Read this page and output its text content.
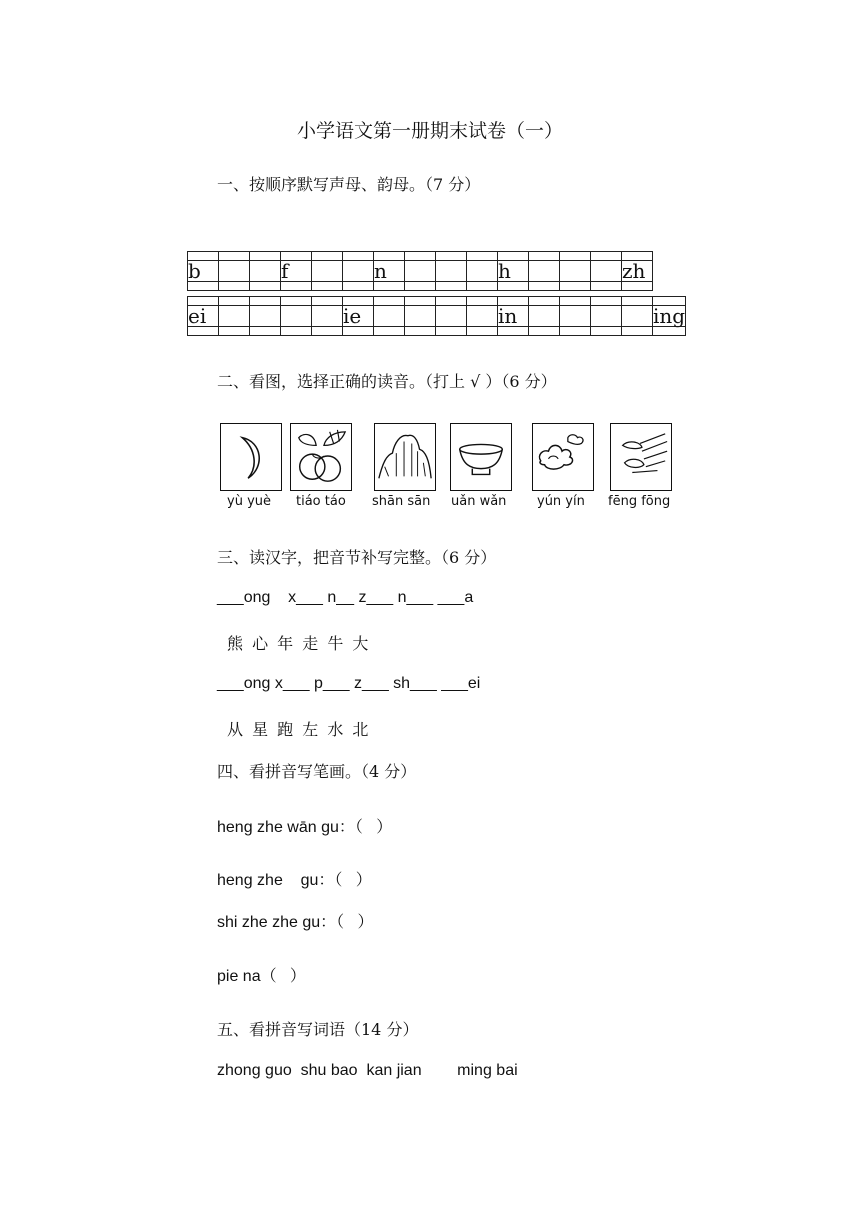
小学语文第一册期末试卷（一）
一、按顺序默写声母、韵母。（7 分）

b			f			n				h				zh

ei					ie					in					ing

二、看图，选择正确的读音。（打上 √ ）（6 分）
yù yuè tiáo táo shān sān uǎn wǎn yún yín fēng fōng
三、读汉字，把音节补写完整。（6 分）
___ong    x___ n__ z___ n___ ___a
熊 心 年 走 牛 大
___ong x___ p___ z___ sh___ ___ei
从 星 跑 左 水 北
四、看拼音写笔画。（4 分）
heng zhe wān gu：（   ）
heng zhe    gu：（   ）
shi zhe zhe gu：（   ）
pie na（   ）
五、看拼音写词语（14 分）
zhong guo  shu bao  kan jian        ming bai
